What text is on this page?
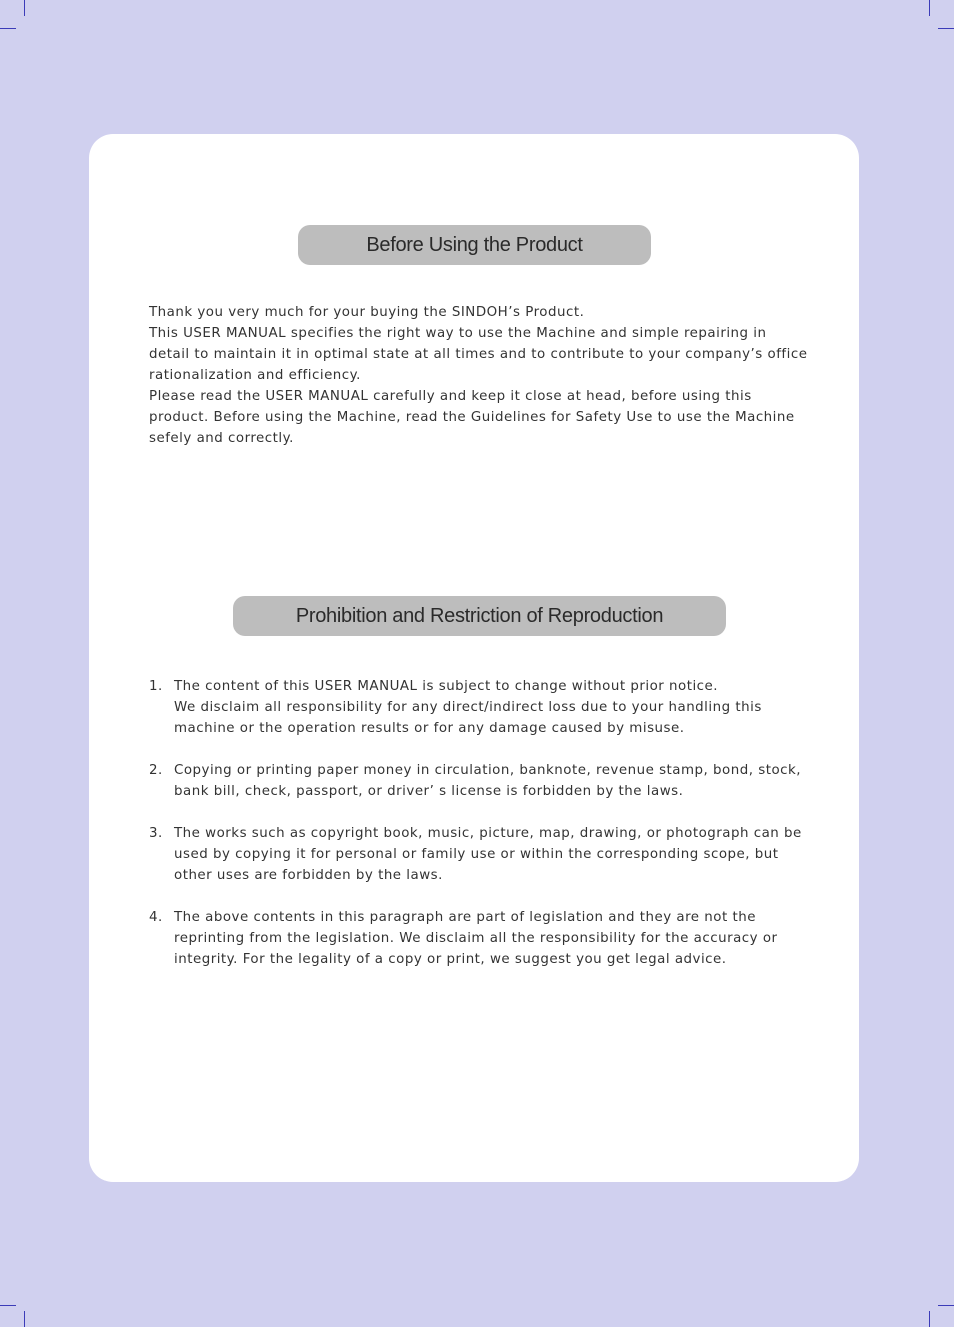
Before Using the Product

Thank you very much for your buying the SINDOH’s Product.

This USER MANUAL specifies the right way to use the Machine and simple repairing in

detail to maintain it in optimal state at all times and to contribute to your company’s office

rationalization and efficiency.

Please read the USER MANUAL carefully and keep it close at head, before using this

product. Before using the Machine, read the Guidelines for Safety Use to use the Machine

sefely and correctly.

Prohibition and Restriction of Reproduction
1. The content of this USER MANUAL is subject to change without prior notice.
We disclaim all responsibility for any direct/indirect loss due to your handling this
machine or the operation results or for any damage caused by misuse.
2. Copying or printing paper money in circulation, banknote, revenue stamp, bond, stock,
bank bill, check, passport, or driver’ s license is forbidden by the laws.
3. The works such as copyright book, music, picture, map, drawing, or photograph can be
used by copying it for personal or family use or within the corresponding scope, but
other uses are forbidden by the laws.
4. The above contents in this paragraph are part of legislation and they are not the
reprinting from the legislation. We disclaim all the responsibility for the accuracy or
integrity. For the legality of a copy or print, we suggest you get legal advice.
